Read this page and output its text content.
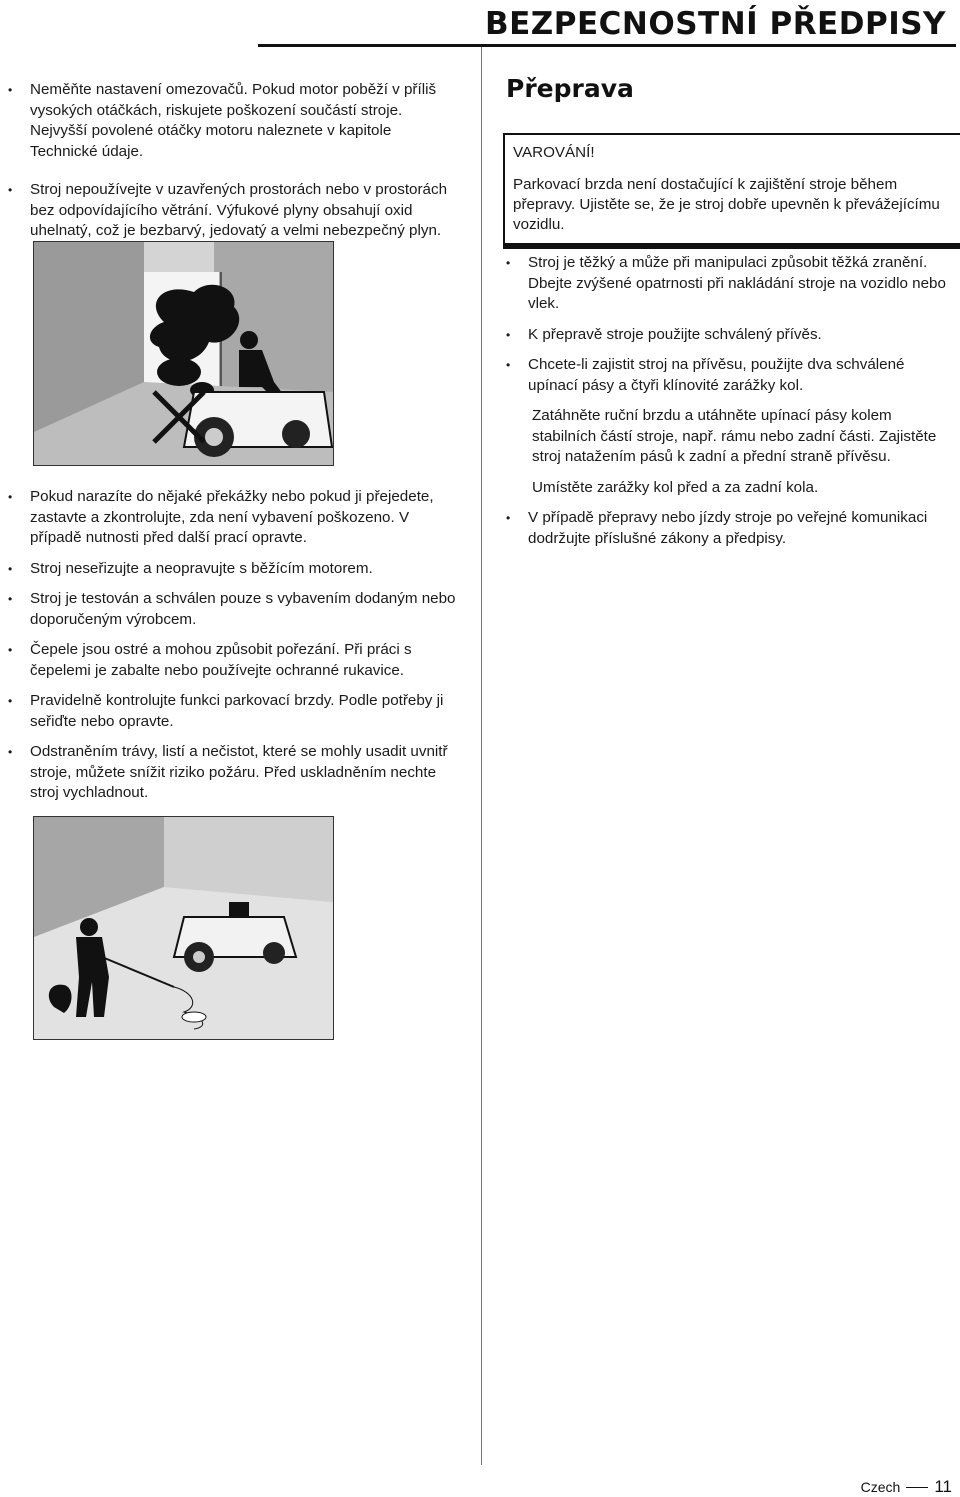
BEZPECNOSTNÍ PŘEDPISY
• Neměňte nastavení omezovačů. Pokud motor poběží v příliš vysokých otáčkách, riskujete poškození součástí stroje. Nejvyšší povolené otáčky motoru naleznete v kapitole Technické údaje.
• Stroj nepoužívejte v uzavřených prostorách nebo v prostorách bez odpovídajícího větrání. Výfukové plyny obsahují oxid uhelnatý, což je bezbarvý, jedovatý a velmi nebezpečný plyn.
• Pokud narazíte do nějaké překážky nebo pokud ji přejedete, zastavte a zkontrolujte, zda není vybavení poškozeno. V případě nutnosti před další prací opravte.
• Stroj neseřizujte a neopravujte s běžícím motorem.
• Stroj je testován a schválen pouze s vybavením dodaným nebo doporučeným výrobcem.
• Čepele jsou ostré a mohou způsobit pořezání. Při práci s čepelemi je zabalte nebo používejte ochranné rukavice.
• Pravidelně kontrolujte funkci parkovací brzdy. Podle potřeby ji seřiďte nebo opravte.
• Odstraněním trávy, listí a nečistot, které se mohly usadit uvnitř stroje, můžete snížit riziko požáru. Před uskladněním nechte stroj vychladnout.
Přeprava

VAROVÁNÍ!

Parkovací brzda není dostačující k zajištění stroje během přepravy. Ujistěte se, že je stroj dobře upevněn k převážejícímu vozidlu.

• Stroj je těžký a může při manipulaci způsobit těžká zranění. Dbejte zvýšené opatrnosti při nakládání stroje na vozidlo nebo vlek.
• K přepravě stroje použijte schválený přívěs.
• Chcete-li zajistit stroj na přívěsu, použijte dva schválené upínací pásy a čtyři klínovité zarážky kol.

Zatáhněte ruční brzdu a utáhněte upínací pásy kolem stabilních částí stroje, např. rámu nebo zadní části. Zajistěte stroj natažením pásů k zadní a přední straně přívěsu.

Umístěte zarážky kol před a za zadní kola.

• V případě přepravy nebo jízdy stroje po veřejné komunikaci dodržujte příslušné zákony a předpisy.
Czech 11
